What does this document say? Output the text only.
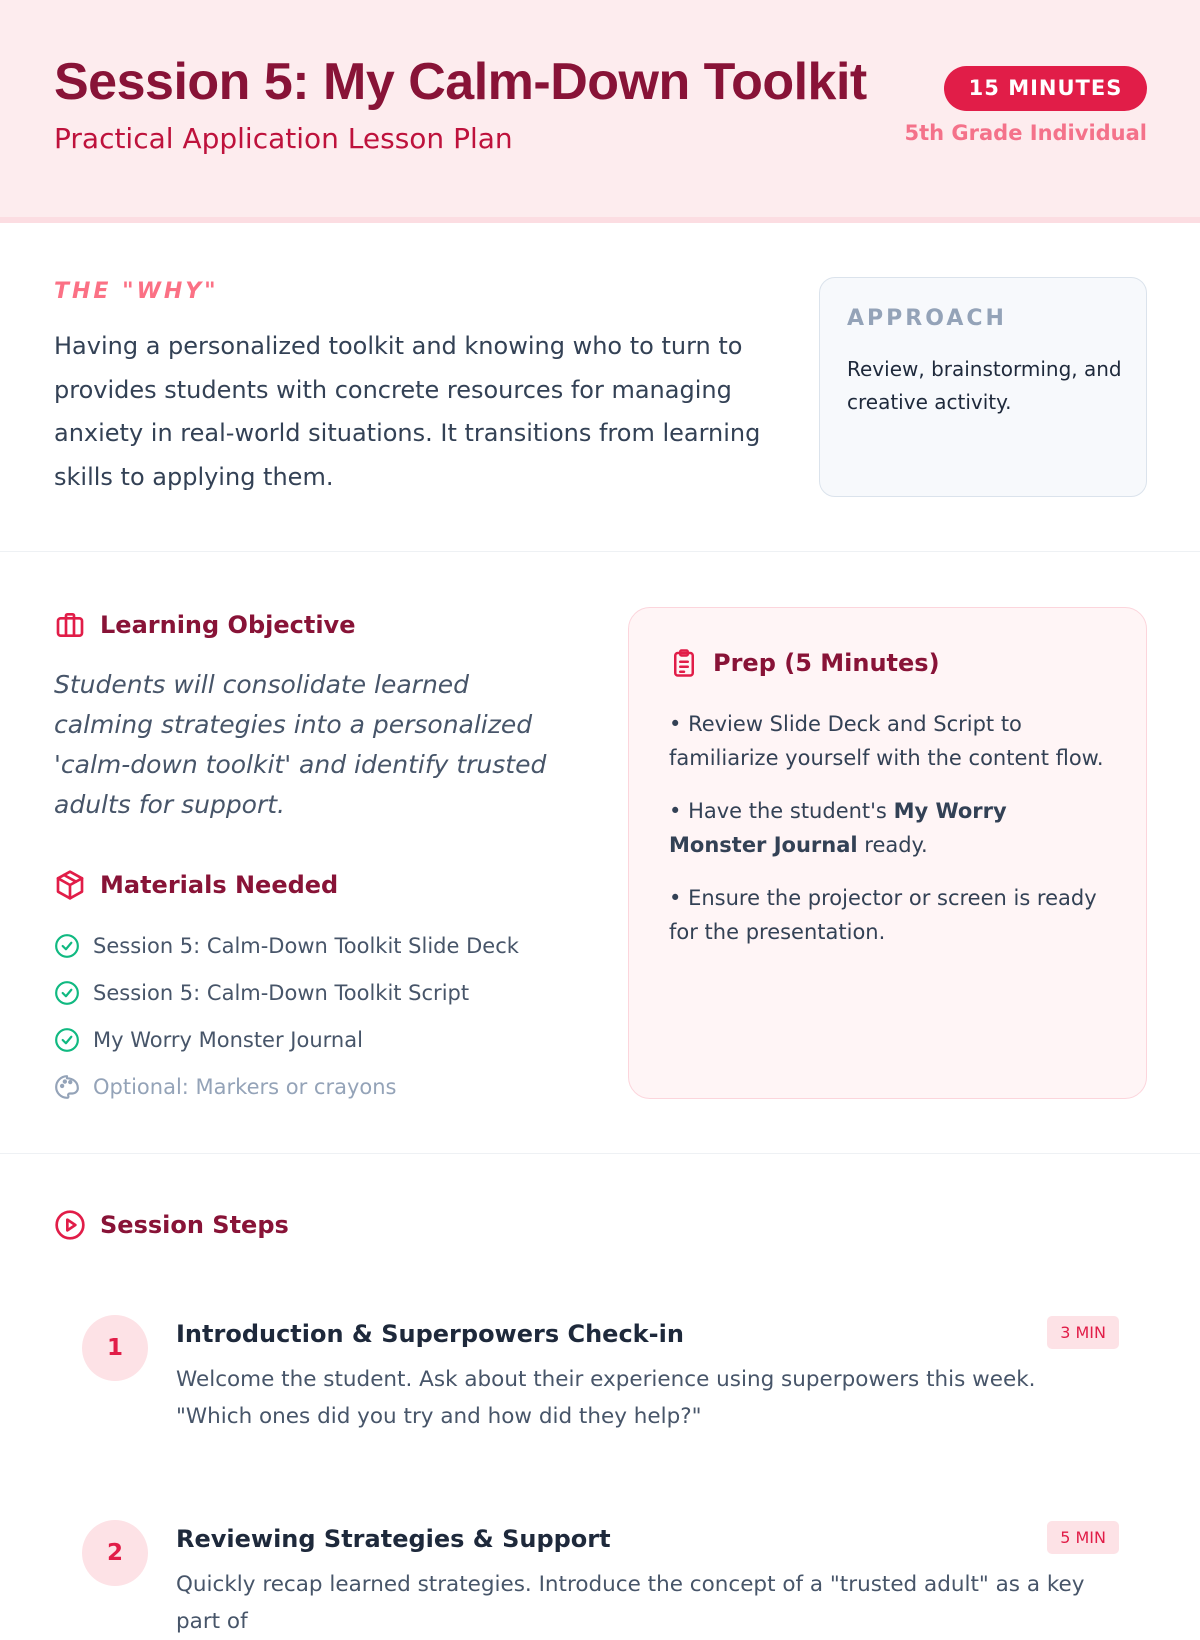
Session 5: My Calm-Down Toolkit
Practical Application Lesson Plan
15 MINUTES
5th Grade Individual
THE "WHY"
Having a personalized toolkit and knowing who to turn to provides students with concrete resources for managing anxiety in real-world situations. It transitions from learning skills to applying them.
APPROACH
Review, brainstorming, and creative activity.
Learning Objective
Students will consolidate learned calming strategies into a personalized 'calm-down toolkit' and identify trusted adults for support.
Materials Needed
Session 5: Calm-Down Toolkit Slide Deck
Session 5: Calm-Down Toolkit Script
My Worry Monster Journal
Optional: Markers or crayons
Prep (5 Minutes)
• Review Slide Deck and Script to familiarize yourself with the content flow.
• Have the student's My Worry Monster Journal ready.
• Ensure the projector or screen is ready for the presentation.
Session Steps
1	Introduction & Superpowers Check-in	3 MIN
Welcome the student. Ask about their experience using superpowers this week. "Which ones did you try and how did they help?"
2	Reviewing Strategies & Support	5 MIN
Quickly recap learned strategies. Introduce the concept of a "trusted adult" as a key part of
